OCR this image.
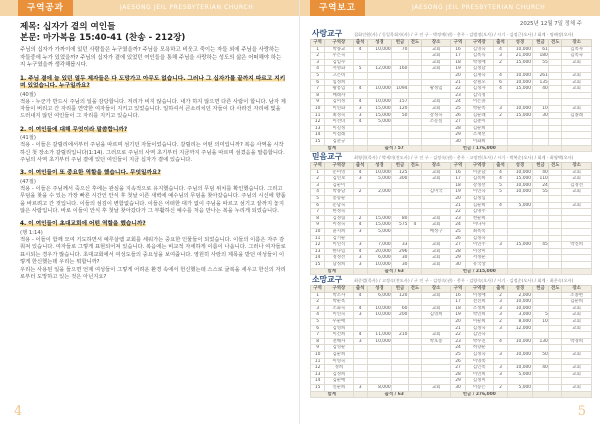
구역공과	JAESONG JEIL PRESBYTERIAN CHURCH
제목: 십자가 곁의 여인들
본문: 마가복음 15:40-41 (찬송 - 212장)

주님의 십자가 가까이에 있던 사람들은 누구였을까? 주님을 모욕하고 비웃고 죽이는 자들 외에 주님을 사랑하는 자들중에 누가 있었을까? 주님의 십자가 곁에 있었던 여인들을 통해 주님을 사랑하는 성도의 삶은 어떠해야 하는지 누구였을까 생각해봅시다.

1. 주님 곁에 늘 있던 열두 제자들은 다 도망가고 아무도 없습니다. 그러나 그 십자가를 끝까지 따르고 지키며 있었습니다. 누구일까요?
(40절)

적용 - 누군가 반드시 주님의 일을 감당합니다. 저리가 비지 않습니다. 내가 하지 않으면 다른 사람이 합니다. 남자 제자들이 버리고 간 자리를 연약한 여자들이 지키고 있었습니다. 일하셔서 큰소리치던 자들이 다 사라진 자리에 빛을 드러내지 않던 여인들이 그 자리를 지키고 있습니다.

2. 이 여인들에 대해 무엇이라 말씀합니까?
(41절)

적용 - 이들은 갈릴리에서부터 주님을 따르며 섬기던 자들이었습니다. 갈릴리는 어떤 의미입니까? 복음 사역을 시작하신 첫 장소가 갈릴리입니다(1:14). 그러므로 주님의 사역 초기부터 지금까지 주님을 따르며 섬겼음을 말씀합니다. 주님의 사역 초기부터 주님 곁에 있던 여인들이 지금 십자가 곁에 있습니다.

3. 이 여인들이 또 중요한 역할을 했습니다. 무엇일까요?
(47절)

적용 - 이들은 주님께서 죽으신 후에는 관심을 지속적으로 유지했습니다. 주님의 무덤 위치를 확인했습니다. 그리고 무덤을 찾을 수 있는 가장 빠른 시간인 안식 후 첫날 이른 새벽에 예수님의 무덤을 찾아갔습니다. 주님의 시신에 향품을 바르려고 간 것입니다. 이들의 섬김이 변함없습니다. 이들은 어떠한 대가 없이 주님을 따르고 섬기고 끝까지 놓지 않은 사람입니다. 바로 이들이 안식 후 첫날 찾아갔다가 그 부활하신 예수를 처음 만나는 복을 누리게 되었습니다.

4. 이 여인들이 초대교회에 어떤 역할을 했습니까?
(행 1:14)

적용 - 이들이 함께 모여 기도하면서 예루살렘 교회를 세워가는 중요한 인물들이 되었습니다. 이들의 이름은 자주 감춰져 있습니다. 여자들로 그렇게 표현되어져 있습니다. 복음에는 비교적 자세하게 이름이 나옵니다. 그러나 여자들로 표시되는 경우가 많습니다. 초대교회에서 여성도들의 중요성을 보여줍니다. 영원히 사랑의 제목을 받던 여성들이 이렇게 한신했는데 우리는 뭐합니까?

우리는 사용된 일을 들으면 언제 여성들이 그렇게 어려운 환경 속에서 헌신했는데 스스로 굴복을 세우고 한신의 자리로부터 도망하고 있는 것은 아닌지요?

4
구역보고	JAESONG JEIL PRESBYTERIAN CHURCH
2025년 12월 7일 정체 주
사랑교구	집회인원(사) / 동일목회자(사) / 구 인 구 · 박정예(권) · 총무 · 김범정(오사) / 시기 · 김정근(오사) / 회계 · 명배정(오사)
구역	구역장	출석	성경	헌금	전도	장소	구역	구역장	출석	성경	헌금	전도	장소
1	박종교	4	10,000	70		교회	16	김영숙	4	10,000	61		김옥자
2	우은숙					교회	17	김옥득	3	21,000	180		김옥숙
3	김임수					교회	18	박정애	2	15,000	55		교회
4	서명화	5	12,000	160		교회	19	김정남					
5	고은비						20	김재숙	4	10,000	261		교회
6	임정희						21	강필모	6	10,000	135		교회
7	황봉임	4	10,000	1094		황정임	22	김정자	4	15,000	40		교회
8	배례자						23	김익정					
9	김미정	4	10,000	157		교회	24	이은솔					
10	이연화	3	15,000	120		교회	25	박순옥	3	10,000	10		교회
11	최정숙	3	15,000	50		강정숙	26	김순례	2	15,000	30		김종례
12	이선녀	4	5,000			조문실	27	김춘이					
13	이길정						28	김순희					
14	이점례						29	조재선					
15	김준규						30	이화희					
합계			출석 / 57				헌금 / 176,000						
믿음교구	최영한(목사) / 박세미(전도사) / 구 인 구 · 김정숙(권) · 총무 · 고정민(오사) / 시기 · 박복순(오사) / 회계 · 최영택(오사)
구역	구역장	출석	성경	헌금	전도	장소	구역	구역장	출석	성경	헌금	전도	장소
1	문미영	4	10,000	125		교회	16	이준남	4	10,000	40		교회
2	김연보	3	5,000	300		교회	17	김복희	4	15,000	110		교회
3	김순이						18	강정선	5	10,000	24		김정선
4	박종남	2	2,000			김미국	19	이연숙	5	10,000	55		교회
5	봉승순						20	김정심					
6	문남숙						21	김순희	4	5,000			교회
7	한정숙						22	김명주					
8	김정림	2	15,000	80		교회	23	천순희					
9	이정숙	4	15,000	575	4	교회	24	이다사					
10	윤지희	3	5,000			배성구	25	최옥복					
11	김기순						26	김정숙					
12	이연석	3	7,000	33		교회	27	이연주	3	15,000	45		박진희
13	한나임	4	20,000	296		교회	28	이상미					
14	정정선	3	6,000	30		교회	29	서정순					
15	남정희	3	10,000	30		교회	30	유국상					
합계			출석 / 63				헌금 / 215,000						
소망교구	최준렬(목사) / 고정숙(전도사) / 구 인 구 · 김정숙(권) · 총무 · 김양숙(오사) / 시기 · 김정순(오사) / 회계 · 최은숙(오사)
구역	구역장	출석	성경	헌금	전도	장소	구역	구역장	출석	성경	헌금	전도	장소
1	박조사	4	6,000	120		교회	16	이정애	2	2,000			조종현
2	박순옥						17	전진희	3	10,000			김순희
3	조화숙	4	10,000	60		교회	18	조정희	3	10,000			교회
4	이연숙	3	10,000	200		김영희	19	박연희	3	3,000	5		교회
5	우순애						20	이순희	2	8,000	10		교회
6	김영희						21	김정숙	3	12,000			교회
7	이건희	4	11,000	210		교회	22	김연숙					
8	전혜자	3	10,000			박호봉	23	박수진	4	10,000	130		박경희
9	김영순						24	허향순					
10	김순희						25	김정숙	3	10,000	50		교회
11	이영숙						26	이영옥					
12	정희						27	김인옥	3	10,000	40		교회
13	김정희						28	이연희	3	5,000			교회
14	김순애						29	김정미					
15	신순희	3	8,000			교회	30	이승은	2	5,000			교회
합계			출석 / 63				헌금 / 276,000						
5
